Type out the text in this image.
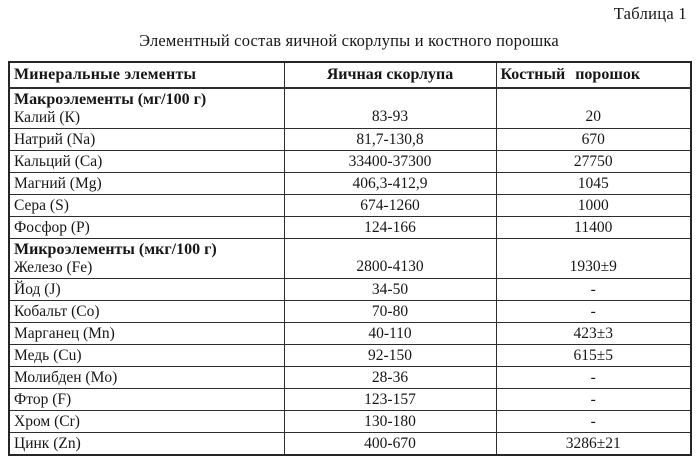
Таблица 1
Элементный состав яичной скорлупы и костного порошка
Минеральные элементы	Яичная скорлупа	Костный порошок

Макроэлементы (мг/100 г)
Калий (К)	83-93	20
Натрий (Na)	81,7-130,8	670
Кальций (Ca)	33400-37300	27750
Магний (Mg)	406,3-412,9	1045
Сера (S)	674-1260	1000
Фосфор (P)	124-166	11400

Микроэлементы (мкг/100 г)
Железо (Fe)	2800-4130	1930±9
Йод (J)	34-50	-
Кобальт (Co)	70-80	-
Марганец (Mn)	40-110	423±3
Медь (Cu)	92-150	615±5
Молибден (Mo)	28-36	-
Фтор (F)	123-157	-
Хром (Cr)	130-180	-
Цинк (Zn)	400-670	3286±21
